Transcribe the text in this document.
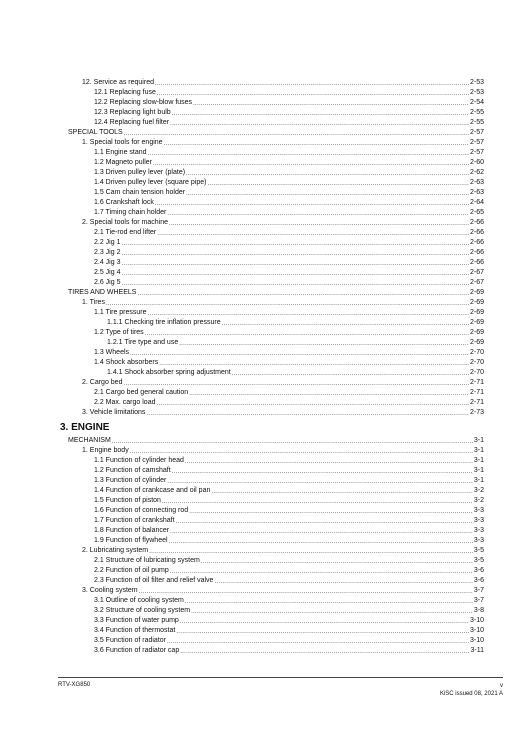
12. Service as required .....	2-53
12.1 Replacing fuse .....	2-53
12.2 Replacing slow-blow fuses .....	2-54
12.3 Replacing light bulb .....	2-55
12.4 Replacing fuel filter .....	2-55
SPECIAL TOOLS .....	2-57
1. Special tools for engine .....	2-57
1.1 Engine stand .....	2-57
1.2 Magneto puller .....	2-60
1.3 Driven pulley lever (plate) .....	2-62
1.4 Driven pulley lever (square pipe) .....	2-63
1.5 Cam chain tension holder .....	2-63
1.6 Crankshaft lock .....	2-64
1.7 Timing chain holder .....	2-65
2. Special tools for machine .....	2-66
2.1 Tie-rod end lifter .....	2-66
2.2 Jig 1 .....	2-66
2.3 Jig 2 .....	2-66
2.4 Jig 3 .....	2-66
2.5 Jig 4 .....	2-67
2.6 Jig 5 .....	2-67
TIRES AND WHEELS .....	2-69
1. Tires .....	2-69
1.1 Tire pressure .....	2-69
1.1.1 Checking tire inflation pressure .....	2-69
1.2 Type of tires .....	2-69
1.2.1 Tire type and use .....	2-69
1.3 Wheels .....	2-70
1.4 Shock absorbers .....	2-70
1.4.1 Shock absorber spring adjustment .....	2-70
2. Cargo bed .....	2-71
2.1 Cargo bed general caution .....	2-71
2.2 Max. cargo load .....	2-71
3. Vehicle limitations .....	2-73
3. ENGINE
MECHANISM .....	3-1
1. Engine body .....	3-1
1.1 Function of cylinder head .....	3-1
1.2 Function of camshaft .....	3-1
1.3 Function of cylinder .....	3-1
1.4 Function of crankcase and oil pan .....	3-2
1.5 Function of piston .....	3-2
1.6 Function of connecting rod .....	3-3
1.7 Function of crankshaft .....	3-3
1.8 Function of balancer .....	3-3
1.9 Function of flywheel .....	3-3
2. Lubricating system .....	3-5
2.1 Structure of lubricating system .....	3-5
2.2 Function of oil pump .....	3-6
2.3 Function of oil filter and relief valve .....	3-6
3. Cooling system .....	3-7
3.1 Outline of cooling system .....	3-7
3.2 Structure of cooling system .....	3-8
3.3 Function of water pump .....	3-10
3.4 Function of thermostat .....	3-10
3.5 Function of radiator .....	3-10
3.6 Function of radiator cap .....	3-11
RTV-XG850	v
KiSC issued 08, 2021 A
